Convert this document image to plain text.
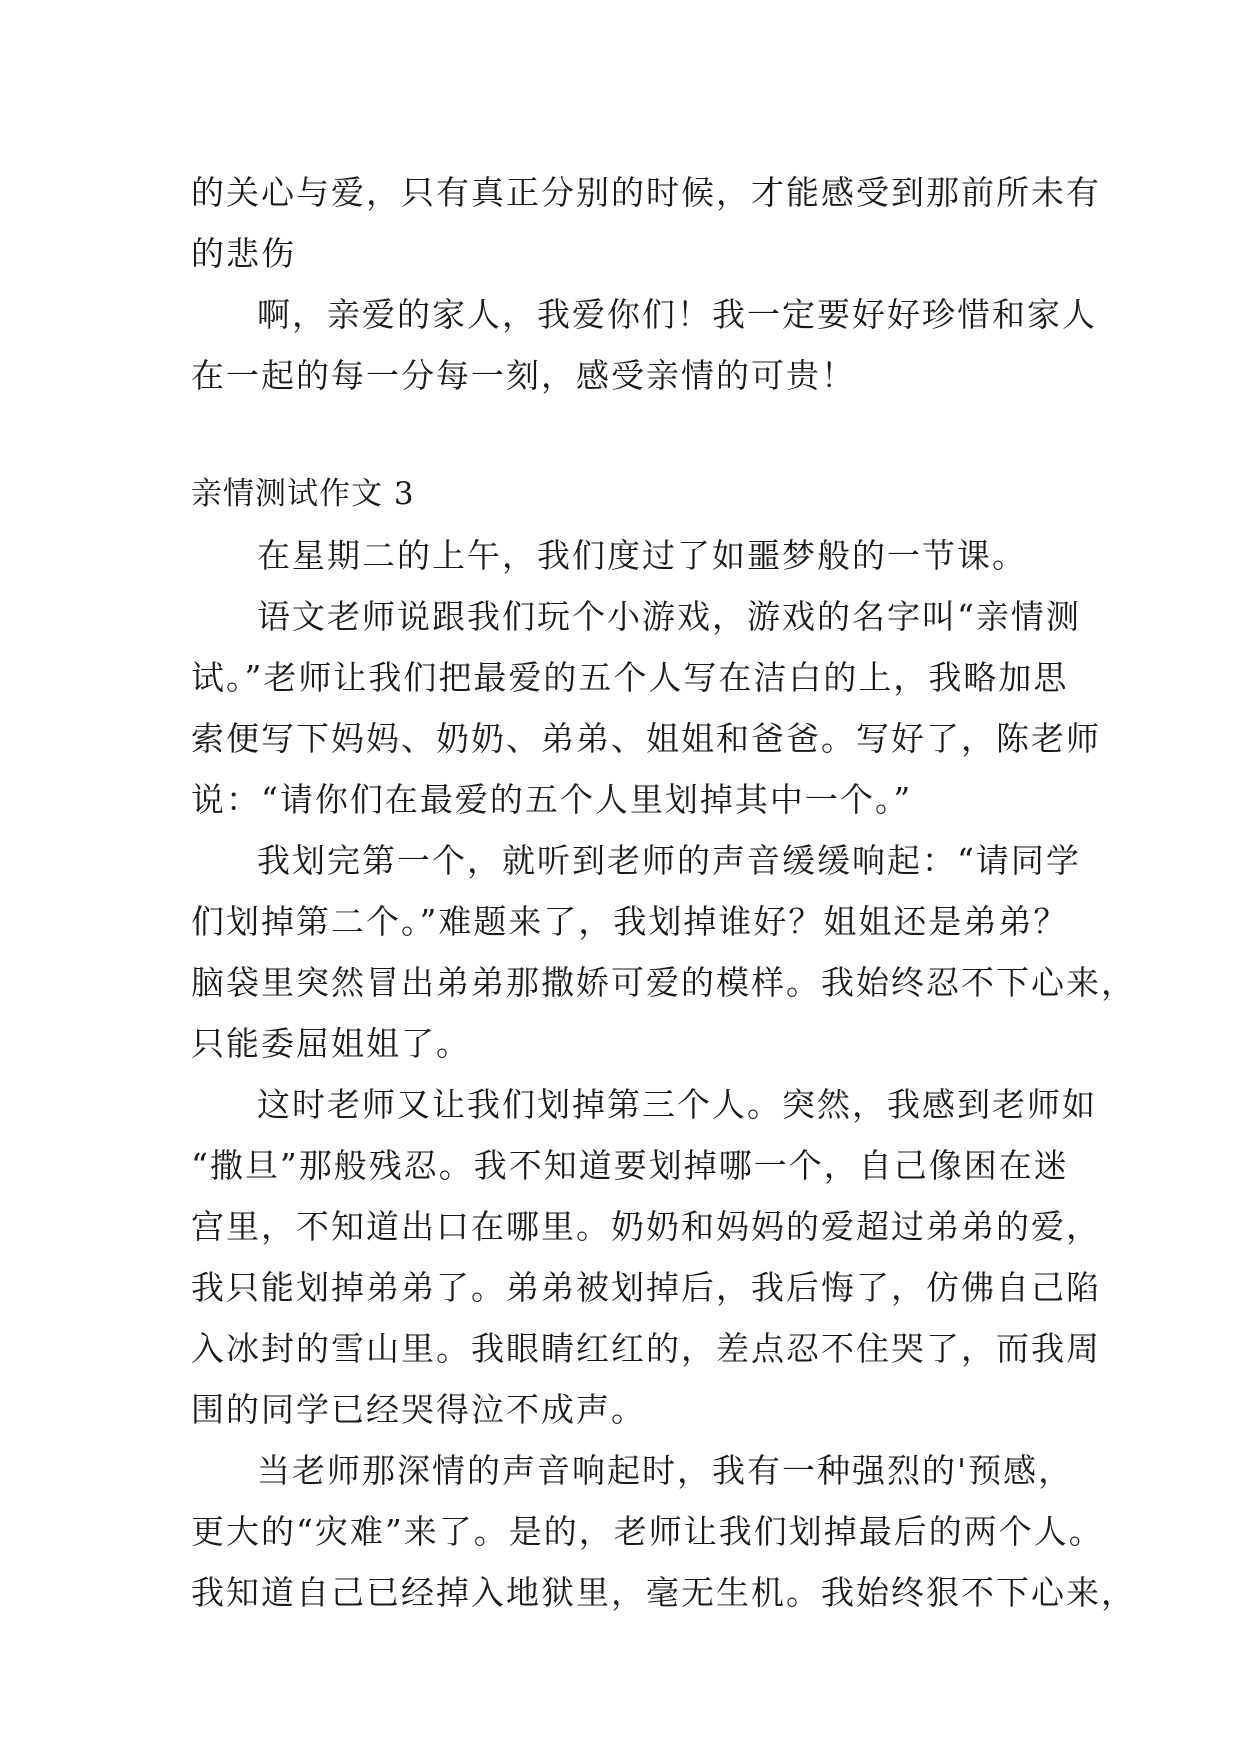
的关心与爱，只有真正分别的时候，才能感受到那前所未有
的悲伤
啊，亲爱的家人，我爱你们！我一定要好好珍惜和家人
在一起的每一分每一刻，感受亲情的可贵！
亲情测试作文 3
在星期二的上午，我们度过了如噩梦般的一节课。
语文老师说跟我们玩个小游戏，游戏的名字叫“亲情测
试。”老师让我们把最爱的五个人写在洁白的上，我略加思
索便写下妈妈、奶奶、弟弟、姐姐和爸爸。写好了，陈老师
说：“请你们在最爱的五个人里划掉其中一个。”
我划完第一个，就听到老师的声音缓缓响起：“请同学
们划掉第二个。”难题来了，我划掉谁好？姐姐还是弟弟？
脑袋里突然冒出弟弟那撒娇可爱的模样。我始终忍不下心来，
只能委屈姐姐了。
这时老师又让我们划掉第三个人。突然，我感到老师如
“撒旦”那般残忍。我不知道要划掉哪一个，自己像困在迷
宫里，不知道出口在哪里。奶奶和妈妈的爱超过弟弟的爱，
我只能划掉弟弟了。弟弟被划掉后，我后悔了，仿佛自己陷
入冰封的雪山里。我眼睛红红的，差点忍不住哭了，而我周
围的同学已经哭得泣不成声。
当老师那深情的声音响起时，我有一种强烈的'预感，
更大的“灾难”来了。是的，老师让我们划掉最后的两个人。
我知道自己已经掉入地狱里，毫无生机。我始终狠不下心来，
